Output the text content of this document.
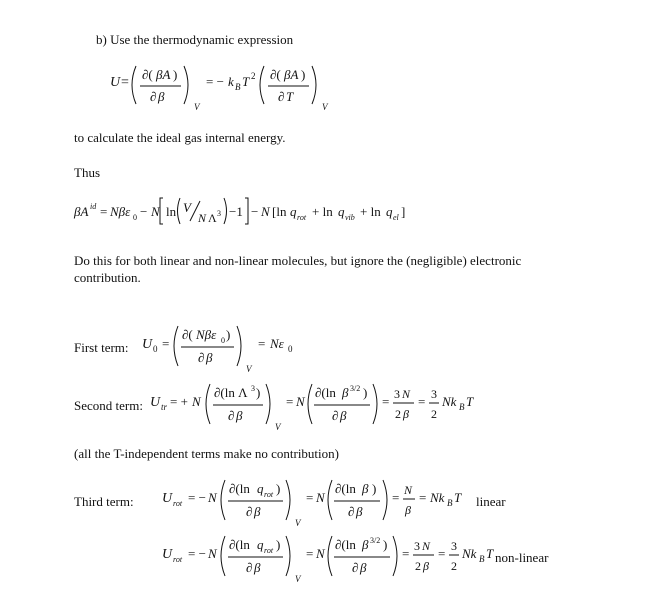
b) Use the thermodynamic expression
U =
∂( βA )
∂ β
V
= − k B T 2 ∂( βA )
∂ T
V
to calculate the ideal gas internal energy.
Thus
βA id = Nβε 0 − N ln V
N Λ 3 −1 − N [ln q rot + ln q vib + ln q el ]
Do this for both linear and non-linear molecules, but ignore the (negligible) electronic
contribution.
First term: U 0 =
∂( Nβε 0 )
∂ β
V
= Nε 0
Second term: U tr = + N
∂(ln Λ 3 )
∂ β
V
= N
∂(ln β 3/2 )
∂ β
= 3 N
2 β
= 3
2
Nk B T
(all the T-independent terms make no contribution)
Third term: U rot = − N
∂(ln q rot )
∂ β
V
= N
∂(ln β )
∂ β
= N
β
= Nk B T linear
U rot = − N
∂(ln q rot )
∂ β
V
= N
∂(ln β 3/2 )
∂ β
= 3 N
2 β
= 3
2
Nk B T non-linear
